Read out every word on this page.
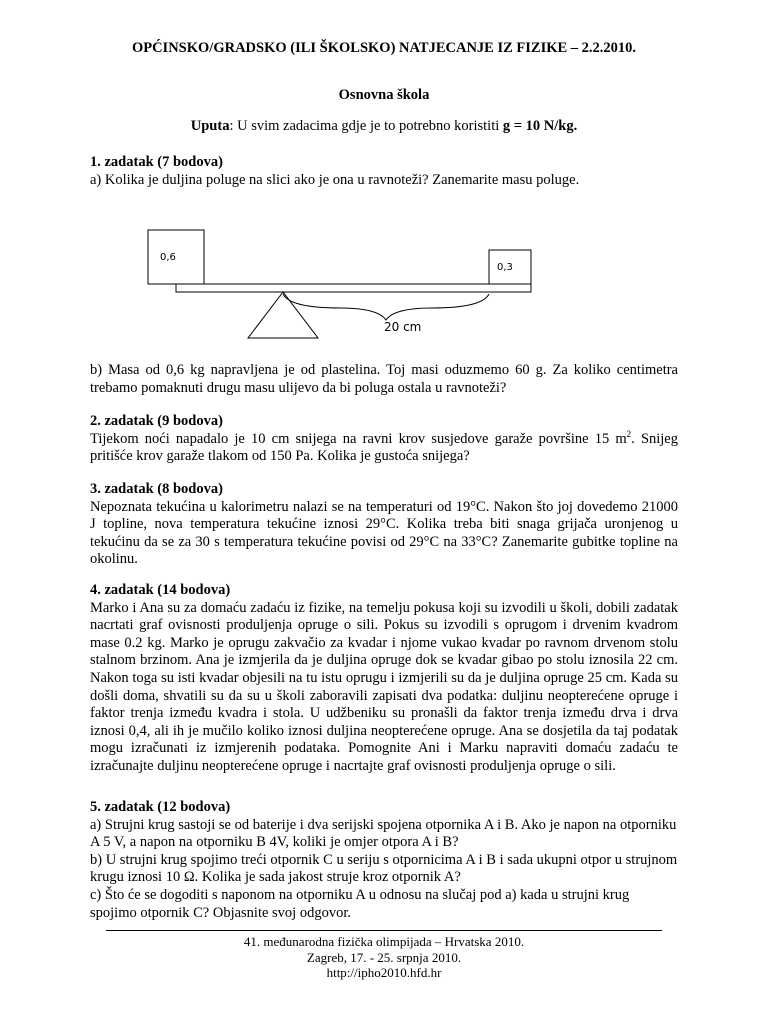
OPĆINSKO/GRADSKO (ILI ŠKOLSKO) NATJECANJE IZ FIZIKE – 2.2.2010.
Osnovna škola
Uputa: U svim zadacima gdje je to potrebno koristiti g = 10 N/kg.
1. zadatak (7 bodova)

a) Kolika je duljina poluge na slici ako je ona u ravnoteži? Zanemarite masu poluge.

0,6
0,3
20 cm

b) Masa od 0,6 kg napravljena je od plastelina. Toj masi oduzmemo 60 g. Za koliko centimetra trebamo pomaknuti drugu masu ulijevo da bi poluga ostala u ravnoteži?

2. zadatak (9 bodova)

Tijekom noći napadalo je 10 cm snijega na ravni krov susjedove garaže površine 15 $m^2$. Snijeg pritišće krov garaže tlakom od 150 Pa. Kolika je gustoća snijega?

3. zadatak (8 bodova)

Nepoznata tekućina u kalorimetru nalazi se na temperaturi od 19°C. Nakon što joj dovedemo 21000 J topline, nova temperatura tekućine iznosi 29°C. Kolika treba biti snaga grijača uronjenog u tekućinu da se za 30 s temperatura tekućine povisi od 29°C na 33°C? Zanemarite gubitke topline na okolinu.

4. zadatak (14 bodova)

Marko i Ana su za domaću zadaću iz fizike, na temelju pokusa koji su izvodili u školi, dobili zadatak nacrtati graf ovisnosti produljenja opruge o sili. Pokus su izvodili s oprugom i drvenim kvadrom mase 0.2 kg. Marko je oprugu zakvačio za kvadar i njome vukao kvadar po ravnom drvenom stolu stalnom brzinom. Ana je izmjerila da je duljina opruge dok se kvadar gibao po stolu iznosila 22 cm. Nakon toga su isti kvadar objesili na tu istu oprugu i izmjerili su da je duljina opruge 25 cm. Kada su došli doma, shvatili su da su u školi zaboravili zapisati dva podatka: duljinu neopterećene opruge i faktor trenja između kvadra i stola. U udžbeniku su pronašli da faktor trenja između drva i drva iznosi 0,4, ali ih je mučilo koliko iznosi duljina neopterećene opruge. Ana se dosjetila da taj podatak mogu izračunati iz izmjerenih podataka. Pomognite Ani i Marku napraviti domaću zadaću te izračunajte duljinu neopterećene opruge i nacrtajte graf ovisnosti produljenja opruge o sili.

5. zadatak (12 bodova)

a) Strujni krug sastoji se od baterije i dva serijski spojena otpornika A i B. Ako je napon na otporniku A 5 V, a napon na otporniku B 4V, koliki je omjer otpora A i B?

b) U strujni krug spojimo treći otpornik C u seriju s otpornicima A i B i sada ukupni otpor u strujnom krugu iznosi 10 Ω. Kolika je sada jakost struje kroz otpornik A?

c) Što će se dogoditi s naponom na otporniku A u odnosu na slučaj pod a) kada u strujni krug spojimo otpornik C? Objasnite svoj odgovor.

41. međunarodna fizička olimpijada – Hrvatska 2010.
Zagreb, 17. - 25. srpnja 2010.
http://ipho2010.hfd.hr
